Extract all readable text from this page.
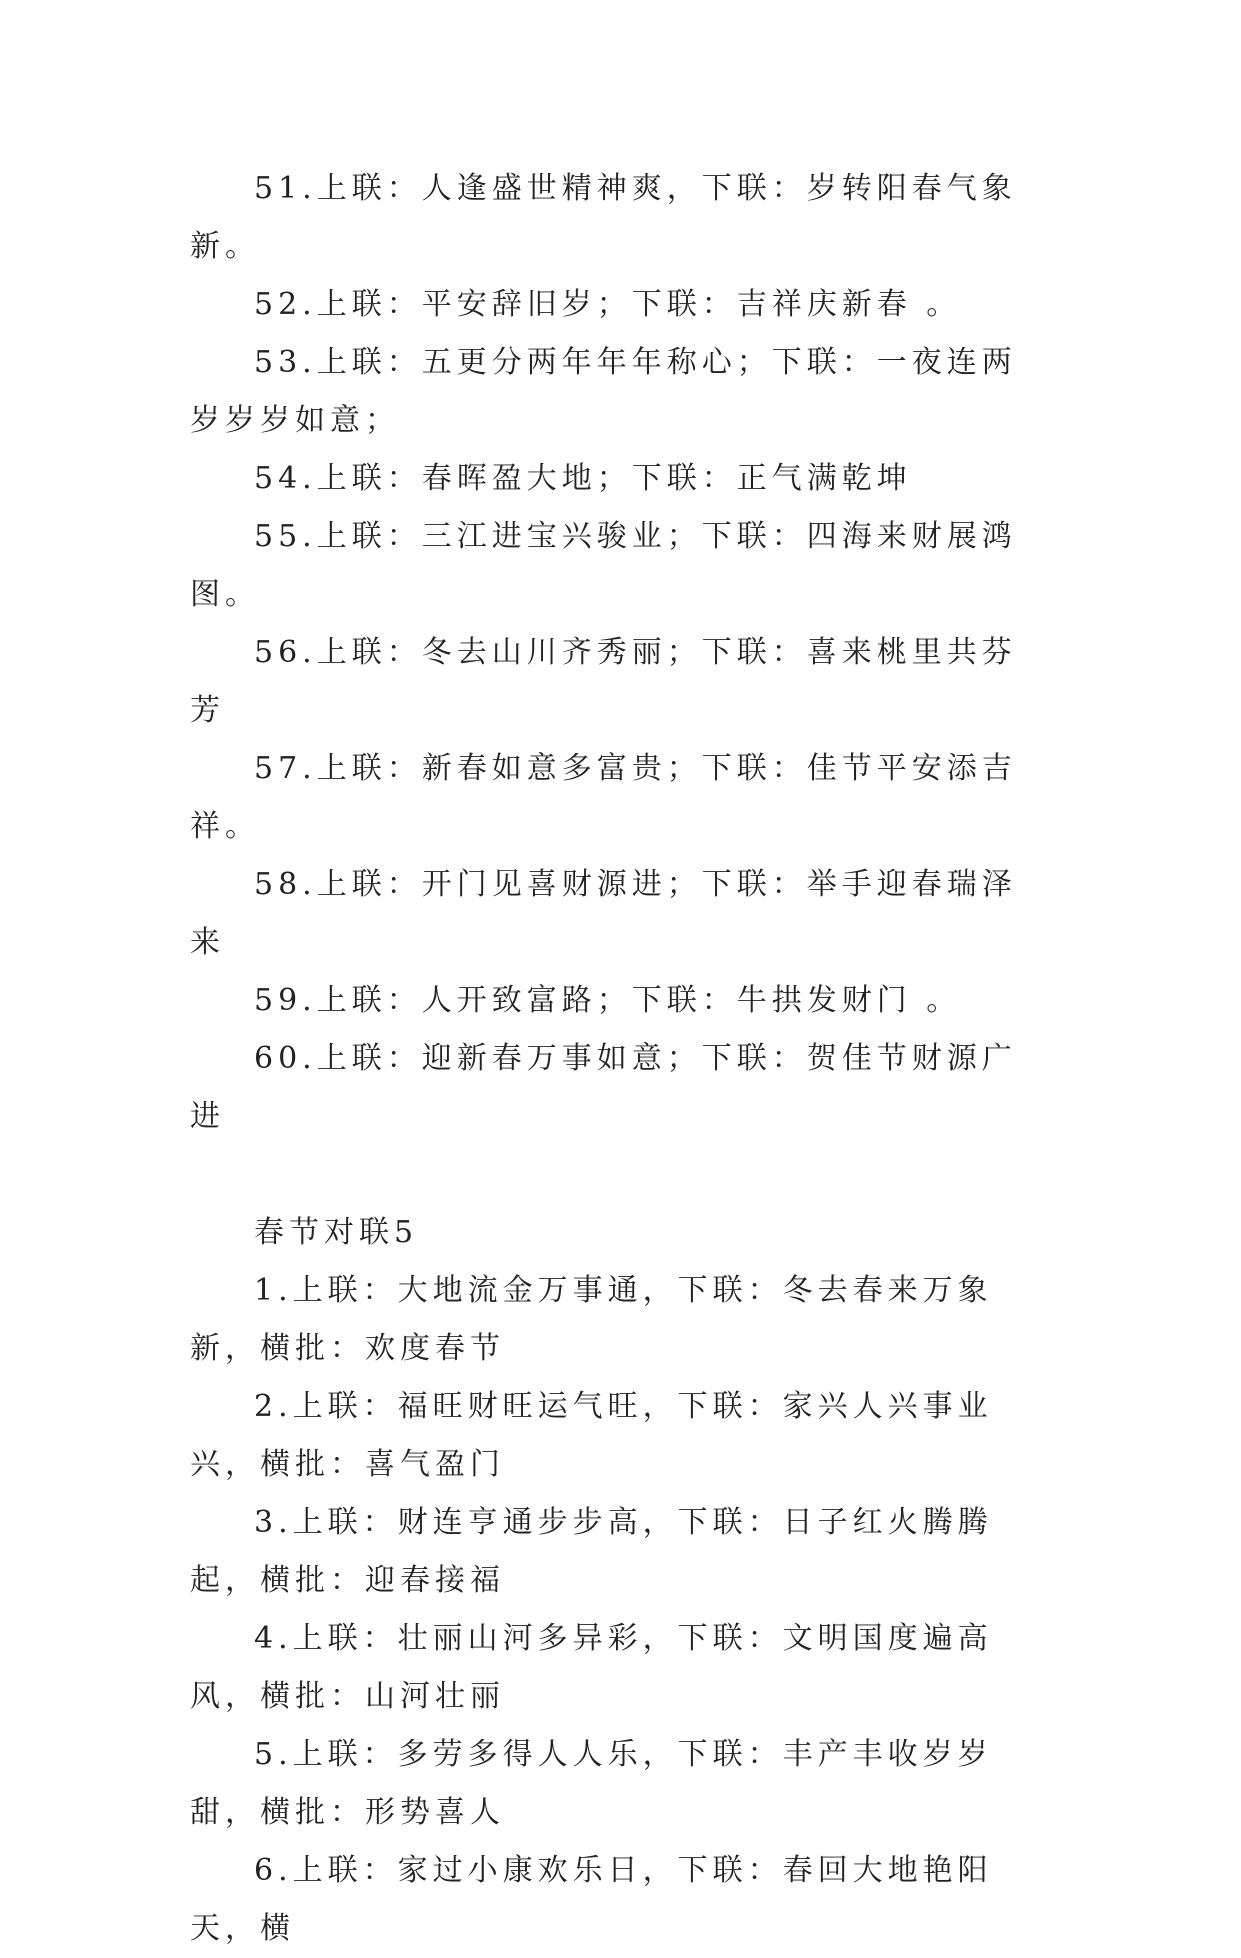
51.上联：人逢盛世精神爽，下联：岁转阳春气象新。

52.上联：平安辞旧岁；下联：吉祥庆新春 。

53.上联：五更分两年年年称心；下联：一夜连两岁岁岁如意；

54.上联：春晖盈大地；下联：正气满乾坤

55.上联：三江进宝兴骏业；下联：四海来财展鸿图。

56.上联：冬去山川齐秀丽；下联：喜来桃里共芬芳

57.上联：新春如意多富贵；下联：佳节平安添吉祥。

58.上联：开门见喜财源进；下联：举手迎春瑞泽来

59.上联：人开致富路；下联：牛拱发财门 。

60.上联：迎新春万事如意；下联：贺佳节财源广进

春节对联5

1.上联：大地流金万事通，下联：冬去春来万象新，横批：欢度春节

2.上联：福旺财旺运气旺，下联：家兴人兴事业兴，横批：喜气盈门

3.上联：财连亨通步步高，下联：日子红火腾腾起，横批：迎春接福

4.上联：壮丽山河多异彩，下联：文明国度遍高风，横批：山河壮丽

5.上联：多劳多得人人乐，下联：丰产丰收岁岁甜，横批：形势喜人

6.上联：家过小康欢乐日，下联：春回大地艳阳天，横
